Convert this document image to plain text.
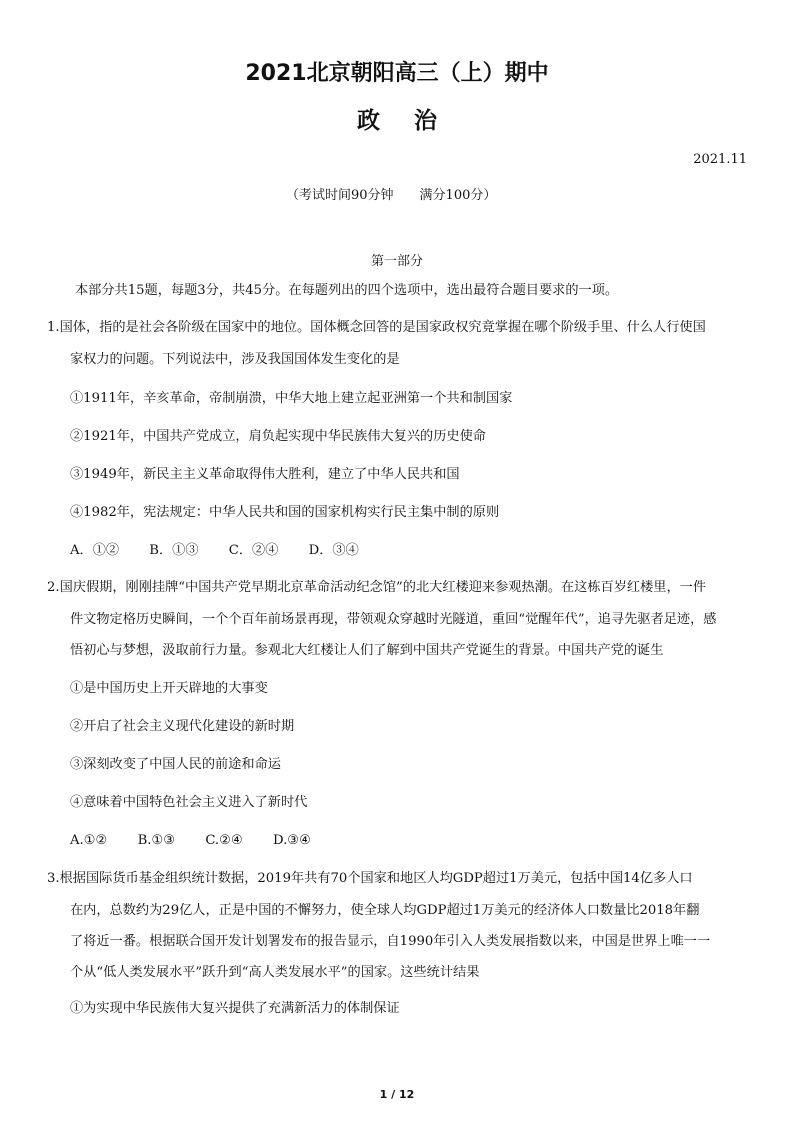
2021北京朝阳高三（上）期中
政治
2021.11
（考试时间90分钟　　满分100分）
第一部分
本部分共15题，每题3分，共45分。在每题列出的四个选项中，选出最符合题目要求的一项。
1.国体，指的是社会各阶级在国家中的地位。国体概念回答的是国家政权究竟掌握在哪个阶级手里、什么人行使国
家权力的问题。下列说法中，涉及我国国体发生变化的是
①1911年，辛亥革命，帝制崩溃，中华大地上建立起亚洲第一个共和制国家
②1921年，中国共产党成立，肩负起实现中华民族伟大复兴的历史使命
③1949年，新民主主义革命取得伟大胜利，建立了中华人民共和国
④1982年，宪法规定：中华人民共和国的国家机构实行民主集中制的原则
A．①② B．①③ C．②④ D．③④
2.国庆假期，刚刚挂牌“中国共产党早期北京革命活动纪念馆”的北大红楼迎来参观热潮。在这栋百岁红楼里，一件
件文物定格历史瞬间，一个个百年前场景再现，带领观众穿越时光隧道，重回“觉醒年代”，追寻先驱者足迹，感
悟初心与梦想，汲取前行力量。参观北大红楼让人们了解到中国共产党诞生的背景。中国共产党的诞生
①是中国历史上开天辟地的大事变
②开启了社会主义现代化建设的新时期
③深刻改变了中国人民的前途和命运
④意味着中国特色社会主义进入了新时代
A.①② B.①③ C.②④ D.③④
3.根据国际货币基金组织统计数据，2019年共有70个国家和地区人均GDP超过1万美元，包括中国14亿多人口
在内，总数约为29亿人，正是中国的不懈努力，使全球人均GDP超过1万美元的经济体人口数量比2018年翻
了将近一番。根据联合国开发计划署发布的报告显示，自1990年引入人类发展指数以来，中国是世界上唯一一
个从“低人类发展水平”跃升到“高人类发展水平”的国家。这些统计结果
①为实现中华民族伟大复兴提供了充满新活力的体制保证
1 / 12
